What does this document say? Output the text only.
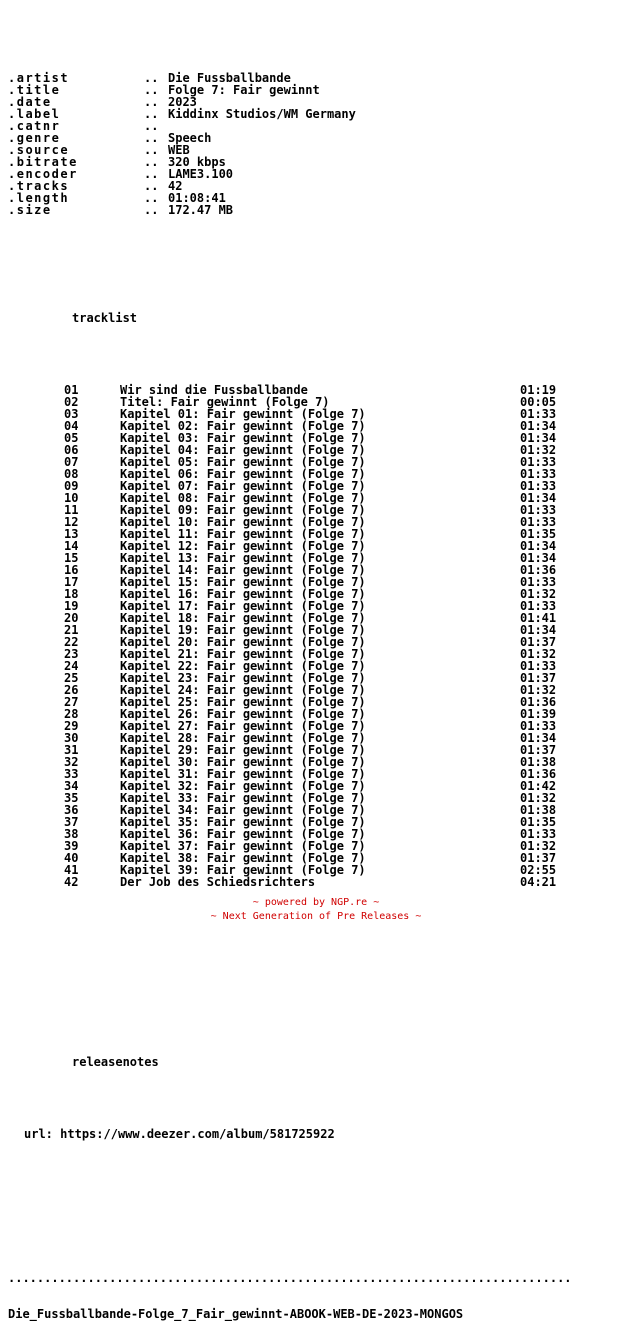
.artist	.. Die Fussballbande
.title	.. Folge 7: Fair gewinnt
.date	.. 2023
.label	.. Kiddinx Studios/WM Germany
.catnr	..
.genre	.. Speech
.source	.. WEB
.bitrate	.. 320 kbps
.encoder	.. LAME3.100
.tracks	.. 42
.length	.. 01:08:41
.size	.. 172.47 MB

tracklist

01	Wir sind die Fussballbande	01:19
02	Titel: Fair gewinnt (Folge 7)	00:05
03	Kapitel 01: Fair gewinnt (Folge 7)	01:33
04	Kapitel 02: Fair gewinnt (Folge 7)	01:34
05	Kapitel 03: Fair gewinnt (Folge 7)	01:34
06	Kapitel 04: Fair gewinnt (Folge 7)	01:32
07	Kapitel 05: Fair gewinnt (Folge 7)	01:33
08	Kapitel 06: Fair gewinnt (Folge 7)	01:33
09	Kapitel 07: Fair gewinnt (Folge 7)	01:33
10	Kapitel 08: Fair gewinnt (Folge 7)	01:34
11	Kapitel 09: Fair gewinnt (Folge 7)	01:33
12	Kapitel 10: Fair gewinnt (Folge 7)	01:33
13	Kapitel 11: Fair gewinnt (Folge 7)	01:35
14	Kapitel 12: Fair gewinnt (Folge 7)	01:34
15	Kapitel 13: Fair gewinnt (Folge 7)	01:34
16	Kapitel 14: Fair gewinnt (Folge 7)	01:36
17	Kapitel 15: Fair gewinnt (Folge 7)	01:33
18	Kapitel 16: Fair gewinnt (Folge 7)	01:32
19	Kapitel 17: Fair gewinnt (Folge 7)	01:33
20	Kapitel 18: Fair gewinnt (Folge 7)	01:41
21	Kapitel 19: Fair gewinnt (Folge 7)	01:34
22	Kapitel 20: Fair gewinnt (Folge 7)	01:37
23	Kapitel 21: Fair gewinnt (Folge 7)	01:32
24	Kapitel 22: Fair gewinnt (Folge 7)	01:33
25	Kapitel 23: Fair gewinnt (Folge 7)	01:37
26	Kapitel 24: Fair gewinnt (Folge 7)	01:32
27	Kapitel 25: Fair gewinnt (Folge 7)	01:36
28	Kapitel 26: Fair gewinnt (Folge 7)	01:39
29	Kapitel 27: Fair gewinnt (Folge 7)	01:33
30	Kapitel 28: Fair gewinnt (Folge 7)	01:34
31	Kapitel 29: Fair gewinnt (Folge 7)	01:37
32	Kapitel 30: Fair gewinnt (Folge 7)	01:38
33	Kapitel 31: Fair gewinnt (Folge 7)	01:36
34	Kapitel 32: Fair gewinnt (Folge 7)	01:42
35	Kapitel 33: Fair gewinnt (Folge 7)	01:32
36	Kapitel 34: Fair gewinnt (Folge 7)	01:38
37	Kapitel 35: Fair gewinnt (Folge 7)	01:35
38	Kapitel 36: Fair gewinnt (Folge 7)	01:33
39	Kapitel 37: Fair gewinnt (Folge 7)	01:32
40	Kapitel 38: Fair gewinnt (Folge 7)	01:37
41	Kapitel 39: Fair gewinnt (Folge 7)	02:55
42	Der Job des Schiedsrichters	04:21

releasenotes

url: https://www.deezer.com/album/581725922

..............................................................................

Die_Fussballbande-Folge_7_Fair_gewinnt-ABOOK-WEB-DE-2023-MONGOS

~ powered by NGP.re ~
~ Next Generation of Pre Releases ~
